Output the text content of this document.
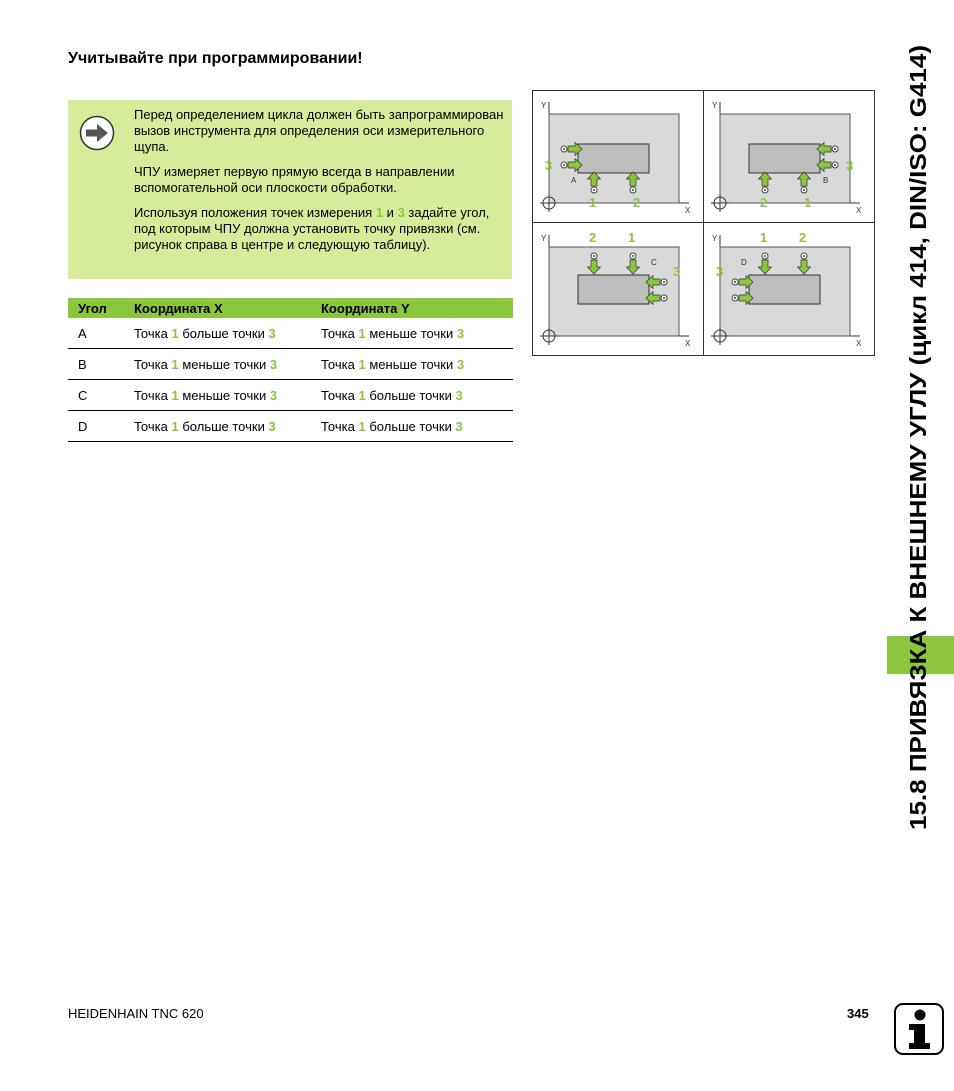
Учитывайте при программировании!

Перед определением цикла должен быть запрограммирован вызов инструмента для определения оси измерительного щупа.

ЧПУ измеряет первую прямую всегда в направлении вспомогательной оси плоскости обработки.

Используя положения точек измерения 1 и 3 задайте угол, под которым ЧПУ должна установить точку привязки (см. рисунок справа в центре и следующую таблицу).

Угол	Координата X	Координата Y
A	Точка 1 больше точки 3	Точка 1 меньше точки 3
B	Точка 1 меньше точки 3	Точка 1 меньше точки 3
C	Точка 1 меньше точки 3	Точка 1 больше точки 3
D	Точка 1 больше точки 3	Точка 1 больше точки 3
Y
X
1	2
3
A
Y
X
2	1
3
B
Y
X
2 1
3
C
Y
X
1 2
3
D	15.8 ПРИВЯЗКА К ВНЕШНЕМУ УГЛУ (цикл 414, DIN/ISO: G414)
HEIDENHAIN TNC 620	345
